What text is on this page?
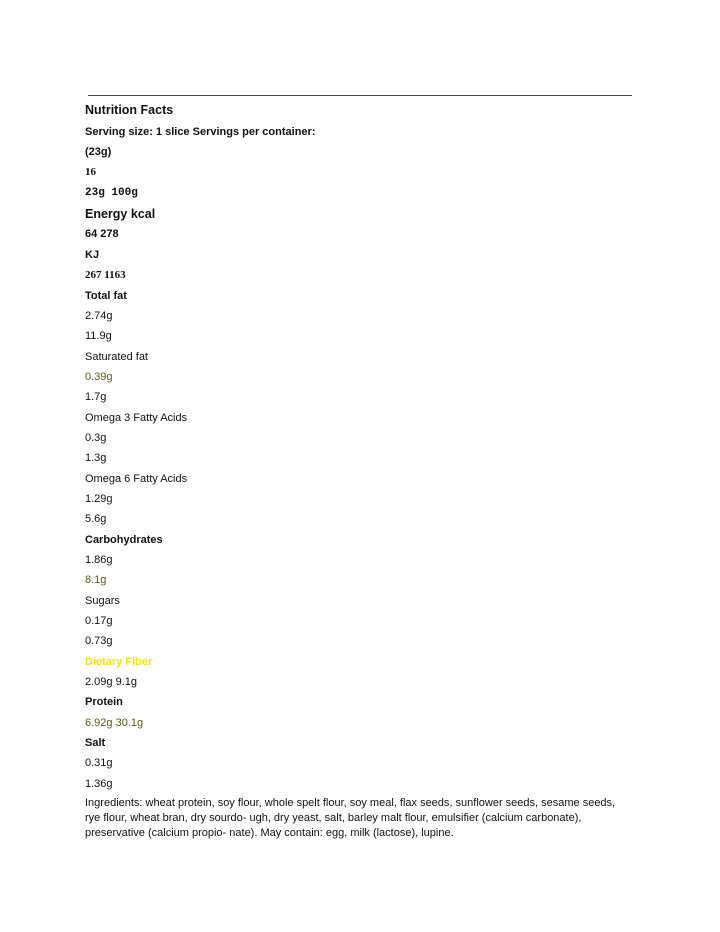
Nutrition Facts
Serving size: 1 slice Servings per container:
(23g)
16
23g 100g
Energy kcal
64 278
KJ
267 1163
Total fat
2.74g
11.9g
Saturated fat
0.39g
1.7g
Omega 3 Fatty Acids
0.3g
1.3g
Omega 6 Fatty Acids
1.29g
5.6g
Carbohydrates
1.86g
8.1g
Sugars
0.17g
0.73g
Dietary Fiber
2.09g 9.1g
Protein
6.92g 30.1g
Salt
0.31g
1.36g
Ingredients: wheat protein, soy flour, whole spelt flour, soy meal, flax seeds, sunflower seeds, sesame seeds, rye flour, wheat bran, dry sourdo- ugh, dry yeast, salt, barley malt flour, emulsifier (calcium carbonate), preservative (calcium propio- nate). May contain: egg, milk (lactose), lupine.
